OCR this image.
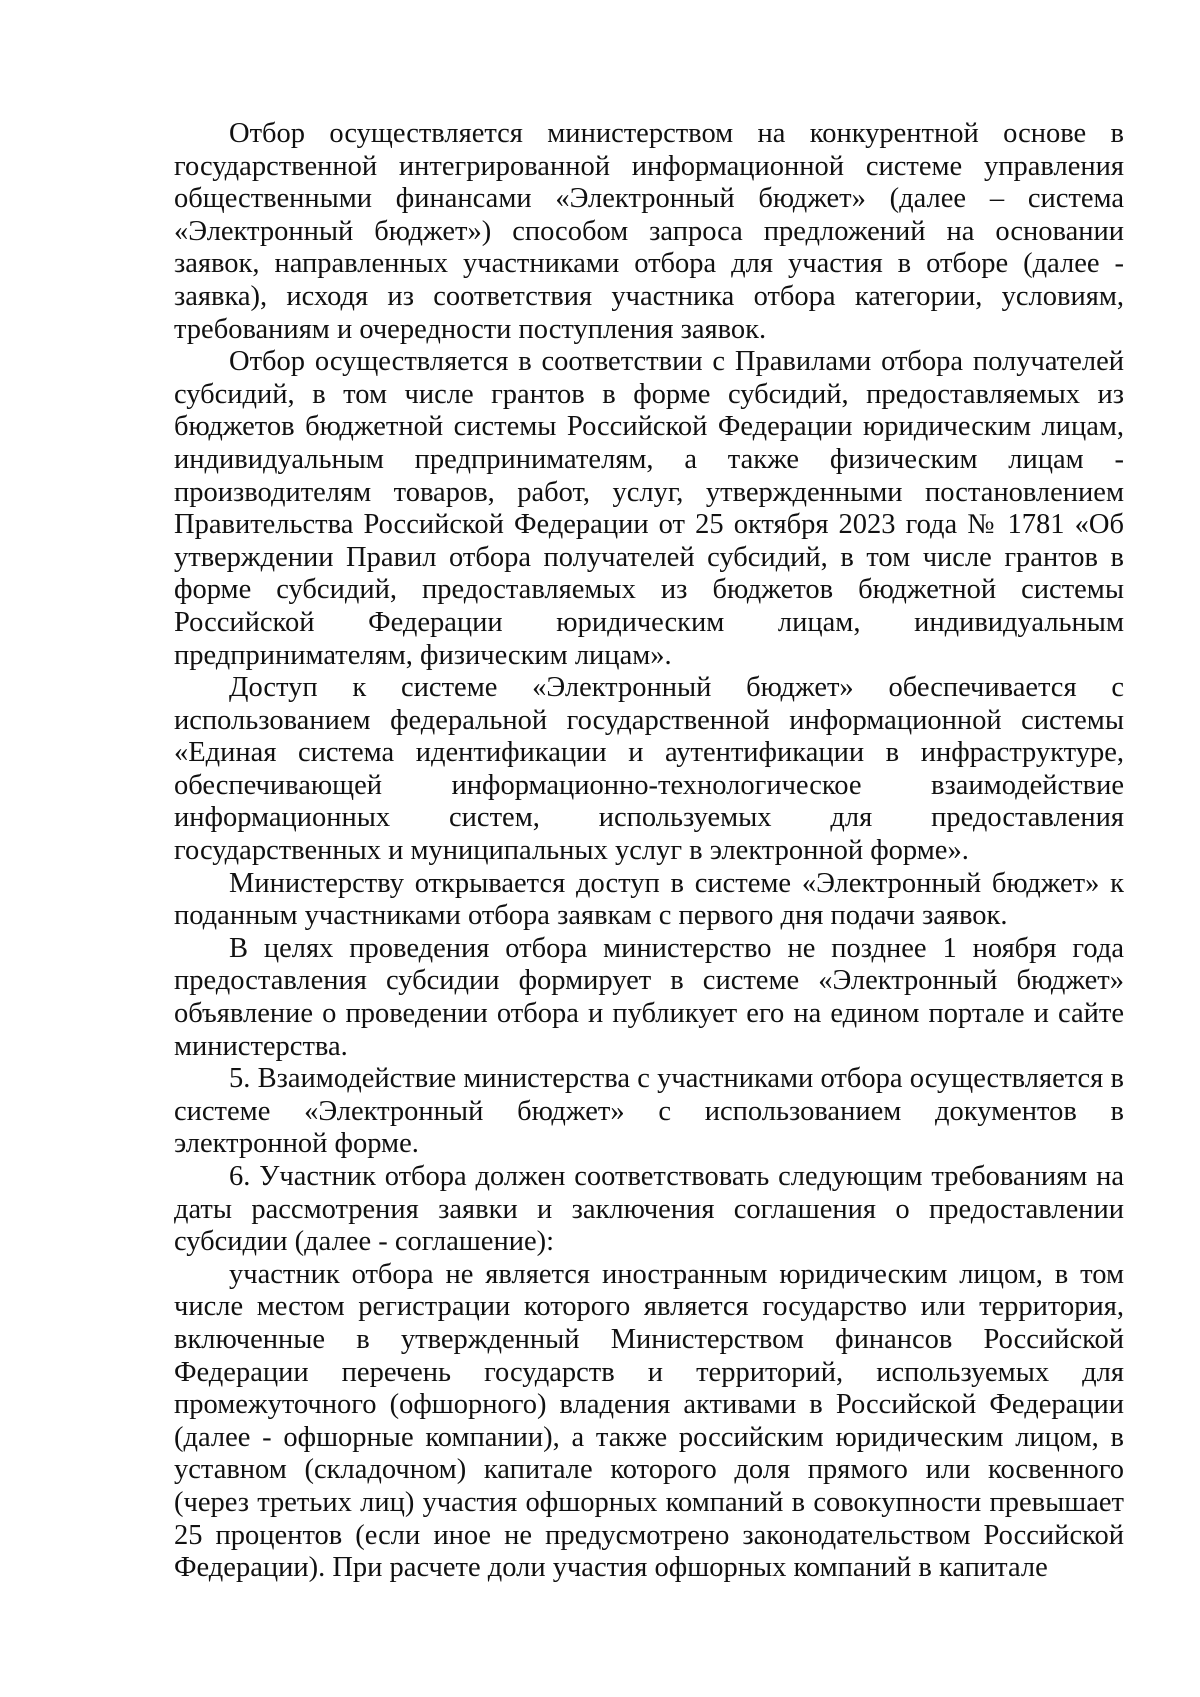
Отбор осуществляется министерством на конкурентной основе в государственной интегрированной информационной системе управления общественными финансами «Электронный бюджет» (далее – система «Электронный бюджет») способом запроса предложений на основании заявок, направленных участниками отбора для участия в отборе (далее - заявка), исходя из соответствия участника отбора категории, условиям, требованиям и очередности поступления заявок.

Отбор осуществляется в соответствии с Правилами отбора получателей субсидий, в том числе грантов в форме субсидий, предоставляемых из бюджетов бюджетной системы Российской Федерации юридическим лицам, индивидуальным предпринимателям, а также физическим лицам - производителям товаров, работ, услуг, утвержденными постановлением Правительства Российской Федерации от 25 октября 2023 года № 1781 «Об утверждении Правил отбора получателей субсидий, в том числе грантов в форме субсидий, предоставляемых из бюджетов бюджетной системы Российской Федерации юридическим лицам, индивидуальным предпринимателям, физическим лицам».

Доступ к системе «Электронный бюджет» обеспечивается с использованием федеральной государственной информационной системы «Единая система идентификации и аутентификации в инфраструктуре, обеспечивающей информационно-технологическое взаимодействие информационных систем, используемых для предоставления государственных и муниципальных услуг в электронной форме».

Министерству открывается доступ в системе «Электронный бюджет» к поданным участниками отбора заявкам с первого дня подачи заявок.

В целях проведения отбора министерство не позднее 1 ноября года предоставления субсидии формирует в системе «Электронный бюджет» объявление о проведении отбора и публикует его на едином портале и сайте министерства.

5. Взаимодействие министерства с участниками отбора осуществляется в системе «Электронный бюджет» с использованием документов в электронной форме.

6. Участник отбора должен соответствовать следующим требованиям на даты рассмотрения заявки и заключения соглашения о предоставлении субсидии (далее - соглашение):

участник отбора не является иностранным юридическим лицом, в том числе местом регистрации которого является государство или территория, включенные в утвержденный Министерством финансов Российской Федерации перечень государств и территорий, используемых для промежуточного (офшорного) владения активами в Российской Федерации (далее - офшорные компании), а также российским юридическим лицом, в уставном (складочном) капитале которого доля прямого или косвенного (через третьих лиц) участия офшорных компаний в совокупности превышает 25 процентов (если иное не предусмотрено законодательством Российской Федерации). При расчете доли участия офшорных компаний в капитале
